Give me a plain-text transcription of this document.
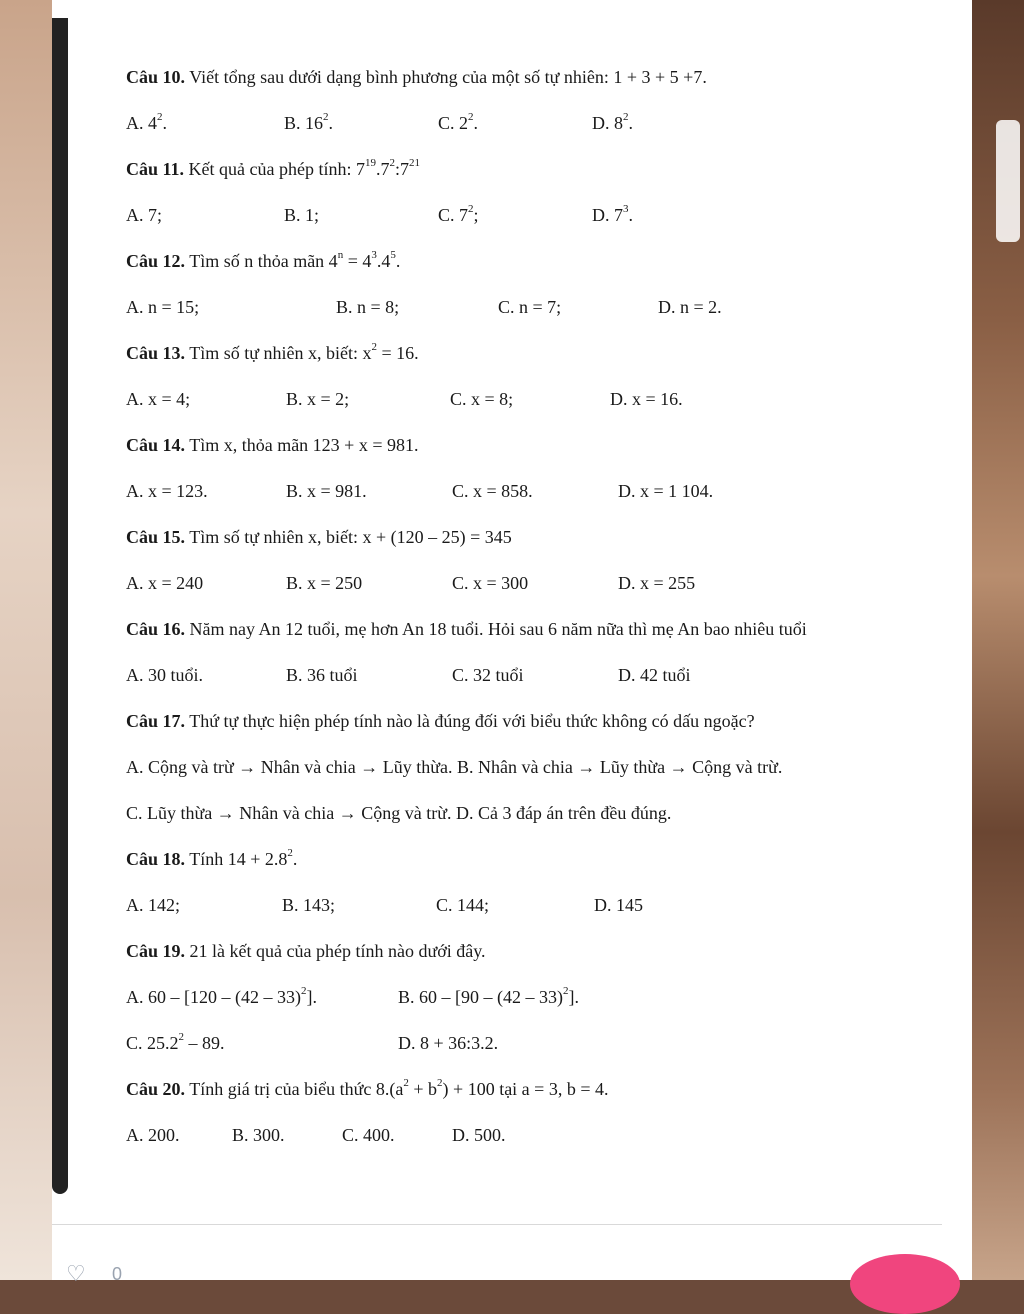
Câu 10. Viết tổng sau dưới dạng bình phương của một số tự nhiên: 1 + 3 + 5 +7.
A. $4^2$.	B. $16^2$.	C. $2^2$.	D. $8^2$.
Câu 11. Kết quả của phép tính: $7^{19}.7^2:7^{21}$
A. 7;	B. 1;	C. $7^2$;	D. $7^3$.
Câu 12. Tìm số n thỏa mãn $4^n = 4^3.4^5$.
A. n = 15;	B. n = 8;	C. n = 7;	D. n = 2.
Câu 13. Tìm số tự nhiên x, biết: $x^2 = 16$.
A. x = 4;	B. x = 2;	C. x = 8;	D. x = 16.
Câu 14. Tìm x, thỏa mãn 123 + x = 981.
A. x = 123.	B. x = 981.	C. x = 858.	D. x = 1 104.
Câu 15. Tìm số tự nhiên x, biết: x + (120 – 25) = 345
A. x = 240	B. x = 250	C. x = 300	D. x = 255
Câu 16. Năm nay An 12 tuổi, mẹ hơn An 18 tuổi. Hỏi sau 6 năm nữa thì mẹ An bao nhiêu tuổi
A. 30 tuổi.	B. 36 tuổi	C. 32 tuổi	D. 42 tuổi
Câu 17. Thứ tự thực hiện phép tính nào là đúng đối với biểu thức không có dấu ngoặc?
A. Cộng và trừ → Nhân và chia → Lũy thừa. B. Nhân và chia → Lũy thừa → Cộng và trừ.
C. Lũy thừa → Nhân và chia → Cộng và trừ. D. Cả 3 đáp án trên đều đúng.
Câu 18. Tính $14 + 2.8^2$.
A. 142;	B. 143;	C. 144;	D. 145
Câu 19. 21 là kết quả của phép tính nào dưới đây.
A. 60 – [120 – (42 – 33)$^2$].	B. 60 – [90 – (42 – 33)$^2$].
C. 25.2$^2$ – 89.	D. 8 + 36:3.2.
Câu 20. Tính giá trị của biểu thức $8.(a^2 + b^2) + 100$ tại a = 3, b = 4.
A. 200.	B. 300.	C. 400.	D. 500.
♡ 0
